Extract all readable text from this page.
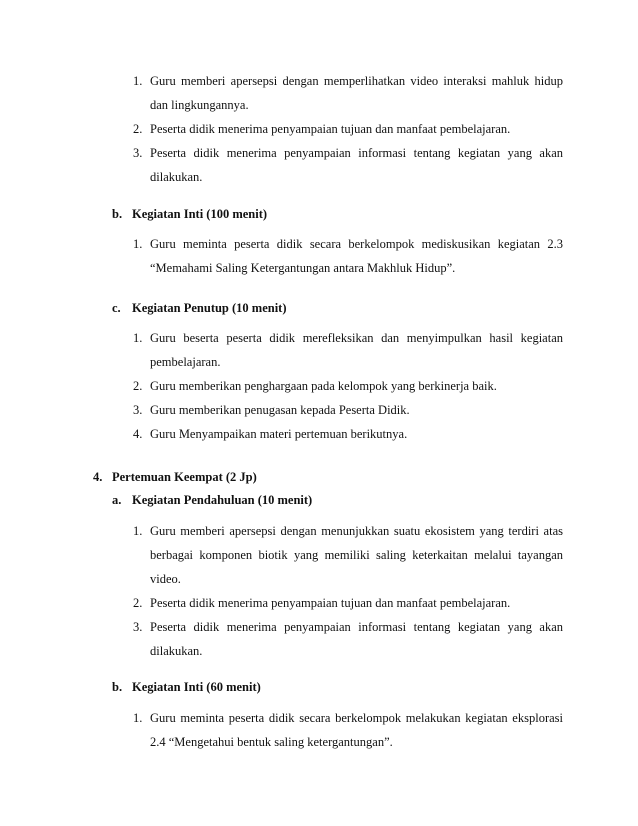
1. Guru memberi apersepsi dengan memperlihatkan video interaksi mahluk hidup dan lingkungannya.
2. Peserta didik menerima penyampaian tujuan dan manfaat pembelajaran.
3. Peserta didik menerima penyampaian informasi tentang kegiatan yang akan dilakukan.
b. Kegiatan Inti (100 menit)
1. Guru meminta peserta didik secara berkelompok mediskusikan kegiatan 2.3 “Memahami Saling Ketergantungan antara Makhluk Hidup”.
c. Kegiatan Penutup (10 menit)
1. Guru beserta peserta didik merefleksikan dan menyimpulkan hasil kegiatan pembelajaran.
2. Guru memberikan penghargaan pada kelompok yang berkinerja baik.
3. Guru memberikan penugasan kepada Peserta Didik.
4. Guru Menyampaikan materi pertemuan berikutnya.
4. Pertemuan Keempat (2 Jp)
a. Kegiatan Pendahuluan (10 menit)
1. Guru memberi apersepsi dengan menunjukkan suatu ekosistem yang terdiri atas berbagai komponen biotik yang memiliki saling keterkaitan melalui tayangan video.
2. Peserta didik menerima penyampaian tujuan dan manfaat pembelajaran.
3. Peserta didik menerima penyampaian informasi tentang kegiatan yang akan dilakukan.
b. Kegiatan Inti (60 menit)
1. Guru meminta peserta didik secara berkelompok melakukan kegiatan eksplorasi 2.4 “Mengetahui bentuk saling ketergantungan”.
